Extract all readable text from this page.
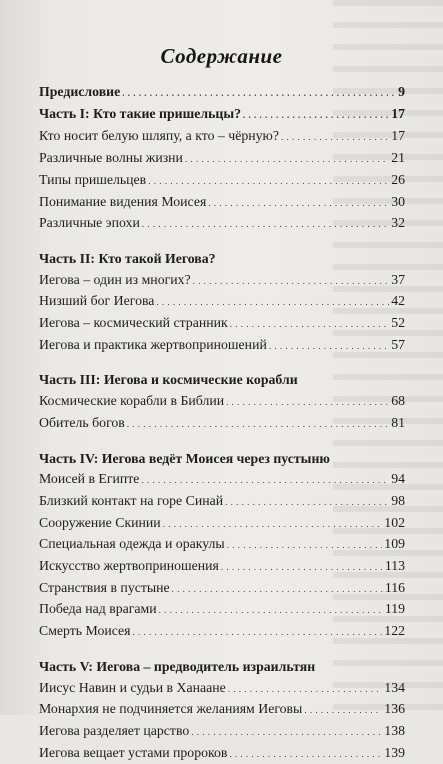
Содержание
Предисловие . . .	9
Часть I: Кто такие пришельцы? . . .	17
Кто носит белую шляпу, а кто – чёрную? . . .	17
Различные волны жизни . . .	21
Типы пришельцев . . .	26
Понимание видения Моисея . . .	30
Различные эпохи . . .	32
Часть II: Кто такой Иегова?
Иегова – один из многих? . . .	37
Низший бог Иегова . . .	42
Иегова – космический странник . . .	52
Иегова и практика жертвоприношений . . .	57
Часть III: Иегова и космические корабли
Космические корабли в Библии . . .	68
Обитель богов . . .	81
Часть IV: Иегова ведёт Моисея через пустыню
Моисей в Египте . . .	94
Близкий контакт на горе Синай . . .	98
Сооружение Скинии . . .	102
Специальная одежда и оракулы . . .	109
Искусство жертвоприношения . . .	113
Странствия в пустыне . . .	116
Победа над врагами . . .	119
Смерть Моисея . . .	122
Часть V: Иегова – предводитель израильтян
Иисус Навин и судьи в Ханаане . . .	134
Монархия не подчиняется желаниям Иеговы . . .	136
Иегова разделяет царство . . .	138
Иегова вещает устами пророков . . .	139
